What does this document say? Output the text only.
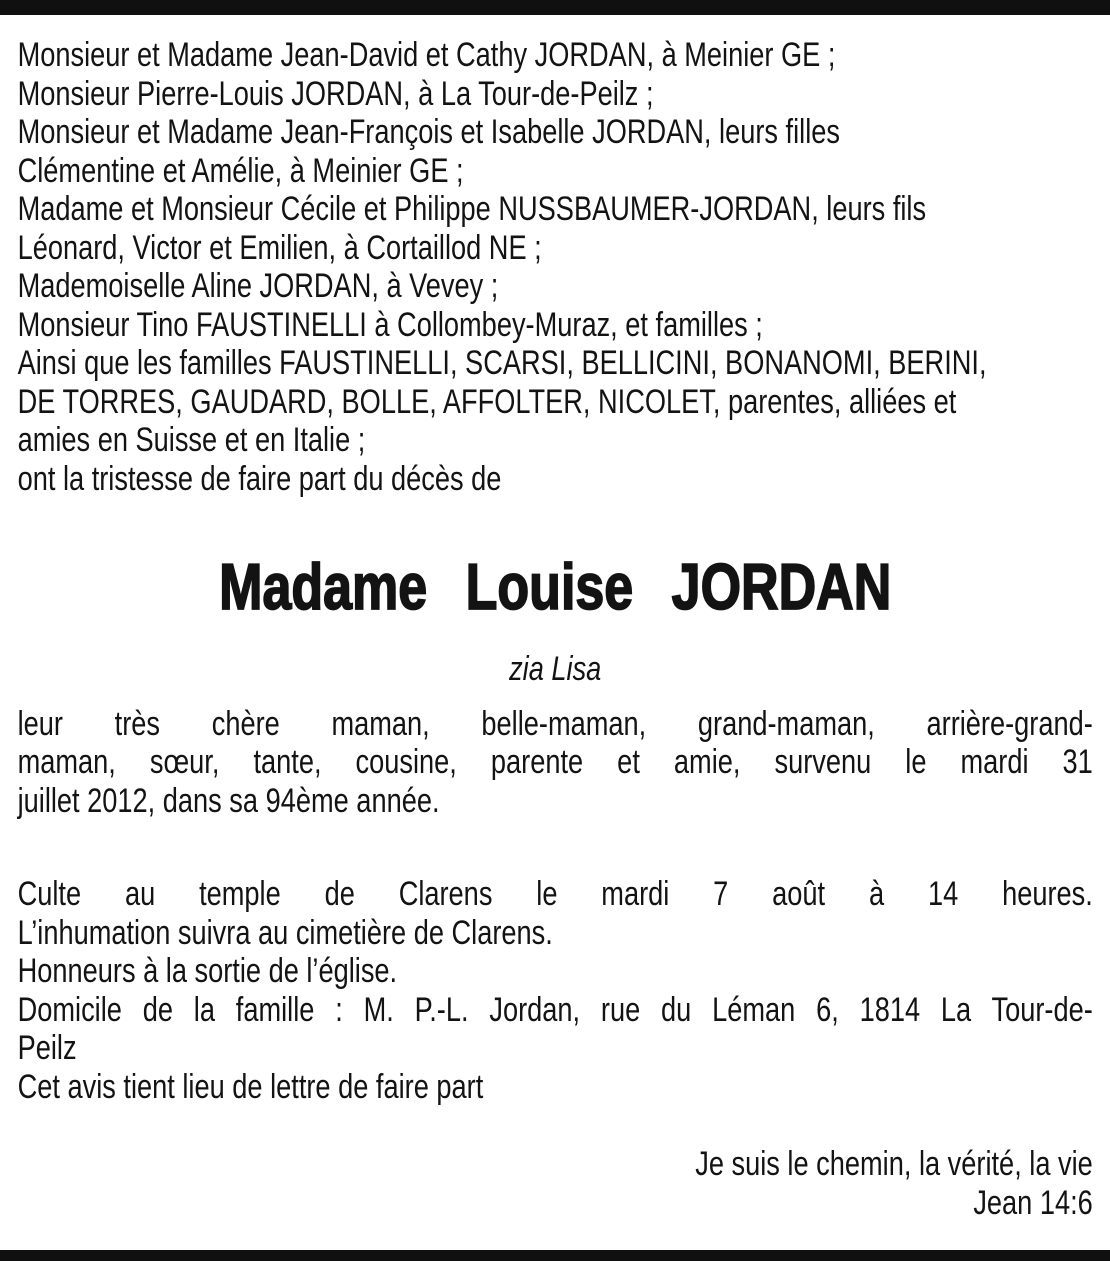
Monsieur et Madame Jean-David et Cathy JORDAN, à Meinier GE ;
Monsieur Pierre-Louis JORDAN, à La Tour-de-Peilz ;
Monsieur et Madame Jean-François et Isabelle JORDAN, leurs filles
Clémentine et Amélie, à Meinier GE ;
Madame et Monsieur Cécile et Philippe NUSSBAUMER-JORDAN, leurs fils
Léonard, Victor et Emilien, à Cortaillod NE ;
Mademoiselle Aline JORDAN, à Vevey ;
Monsieur Tino FAUSTINELLI à Collombey-Muraz, et familles ;
Ainsi que les familles FAUSTINELLI, SCARSI, BELLICINI, BONANOMI, BERINI,
DE TORRES, GAUDARD, BOLLE, AFFOLTER, NICOLET, parentes, alliées et
amies en Suisse et en Italie ;
ont la tristesse de faire part du décès de
Madame Louise JORDAN
zia Lisa
leur très chère maman, belle-maman, grand-maman, arrière-grand-
maman, sœur, tante, cousine, parente et amie, survenu le mardi 31
juillet 2012, dans sa 94ème année.
Culte au temple de Clarens le mardi 7 août à 14 heures.
L’inhumation suivra au cimetière de Clarens.
Honneurs à la sortie de l’église.
Domicile de la famille : M. P.-L. Jordan, rue du Léman 6, 1814 La Tour-de-
Peilz
Cet avis tient lieu de lettre de faire part
Je suis le chemin, la vérité, la vie
Jean 14:6
